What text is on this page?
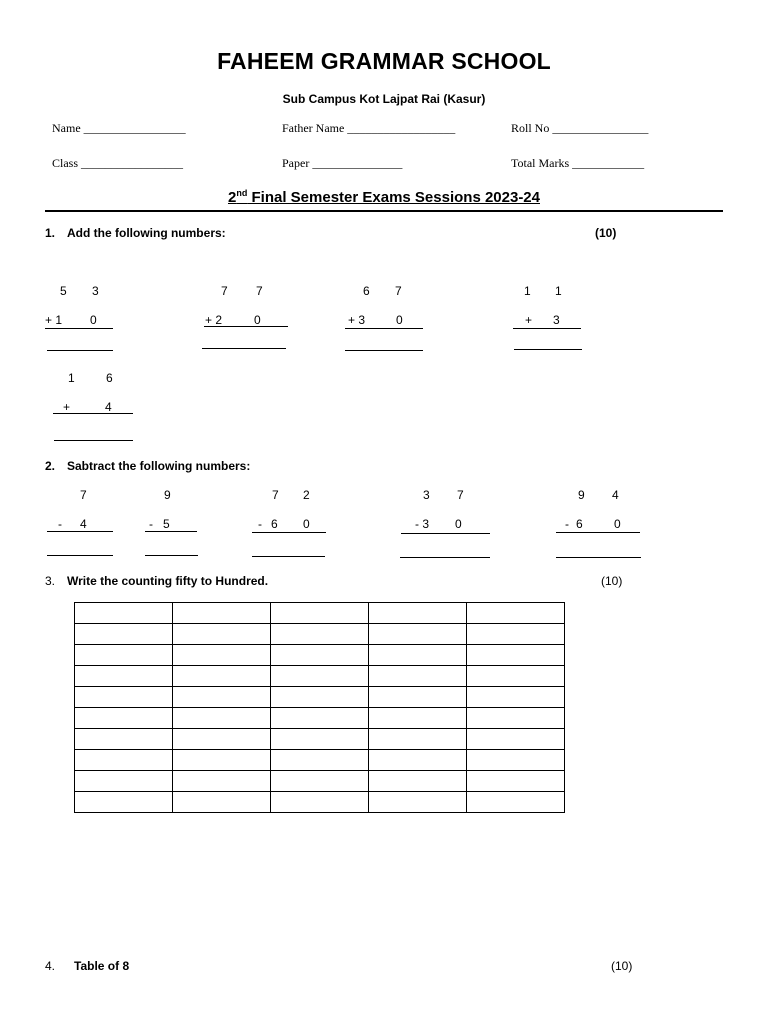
FAHEEM GRAMMAR SCHOOL
Sub Campus Kot Lajpat Rai (Kasur)
Name _________________	Father Name __________________	Roll No ________________
Class _________________	Paper _______________	Total Marks ____________
2nd Final Semester Exams Sessions 2023-24
1. Add the following numbers:	(10)
5 3
+ 1 0
7 7
+ 2	0
6 7
+ 3	0
1 1
+ 3
1	6
+	4
2. Sabtract the following numbers:
7
- 4
9
- 5
7 2
- 6 0
3 7
- 3 0
9 4
- 6	0
3. Write the counting fifty to Hundred.	(10)

4. Table of 8	(10)
